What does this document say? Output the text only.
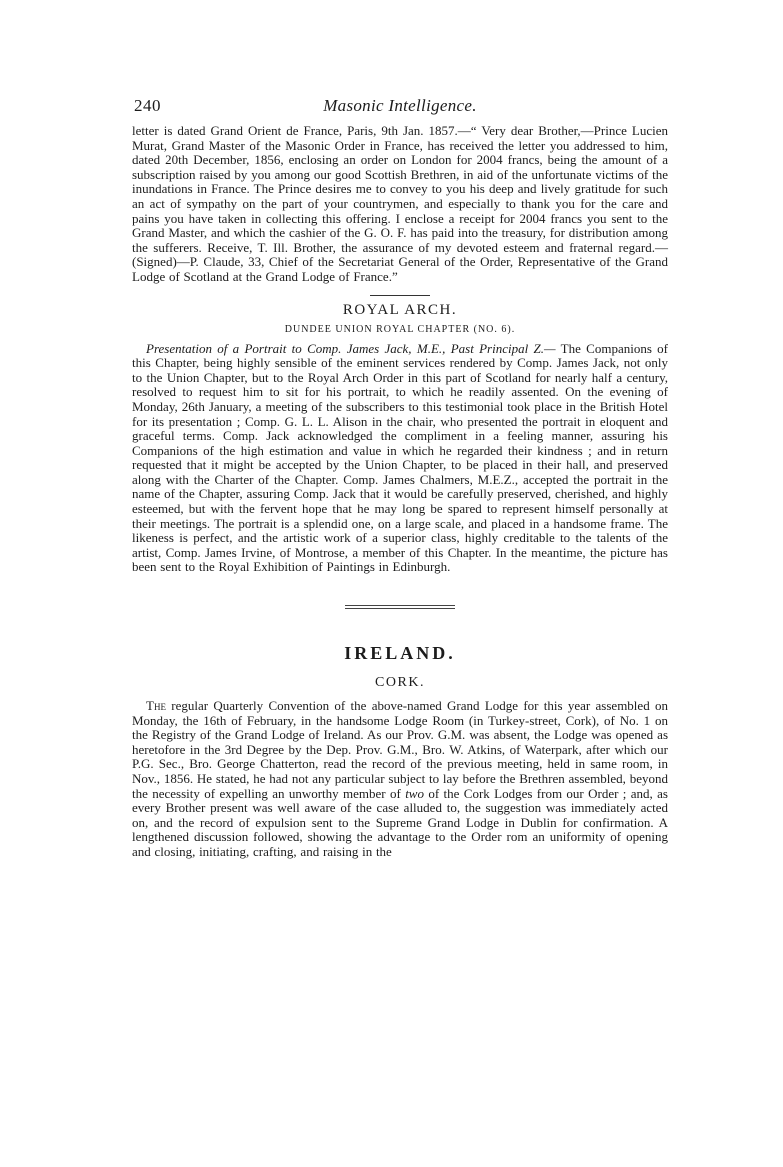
240	Masonic Intelligence.

letter is dated Grand Orient de France, Paris, 9th Jan. 1857.—“ Very dear Brother,—Prince Lucien Murat, Grand Master of the Masonic Order in France, has received the letter you addressed to him, dated 20th December, 1856, enclosing an order on London for 2004 francs, being the amount of a subscription raised by you among our good Scottish Brethren, in aid of the unfortunate victims of the inundations in France. The Prince desires me to convey to you his deep and lively gratitude for such an act of sympathy on the part of your countrymen, and especially to thank you for the care and pains you have taken in collecting this offering. I enclose a receipt for 2004 francs you sent to the Grand Master, and which the cashier of the G. O. F. has paid into the treasury, for distribution among the sufferers. Receive, T. Ill. Brother, the assurance of my devoted esteem and fraternal regard.—(Signed)—P. Claude, 33, Chief of the Secretariat General of the Order, Representative of the Grand Lodge of Scotland at the Grand Lodge of France.”

ROYAL ARCH.
DUNDEE UNION ROYAL CHAPTER (NO. 6).

Presentation of a Portrait to Comp. James Jack, M.E., Past Principal Z.— The Companions of this Chapter, being highly sensible of the eminent services rendered by Comp. James Jack, not only to the Union Chapter, but to the Royal Arch Order in this part of Scotland for nearly half a century, resolved to request him to sit for his portrait, to which he readily assented. On the evening of Monday, 26th January, a meeting of the subscribers to this testimonial took place in the British Hotel for its presentation ; Comp. G. L. L. Alison in the chair, who presented the portrait in eloquent and graceful terms. Comp. Jack acknowledged the compliment in a feeling manner, assuring his Companions of the high estimation and value in which he regarded their kindness ; and in return requested that it might be accepted by the Union Chapter, to be placed in their hall, and preserved along with the Charter of the Chapter. Comp. James Chalmers, M.E.Z., accepted the portrait in the name of the Chapter, assuring Comp. Jack that it would be carefully preserved, cherished, and highly esteemed, but with the fervent hope that he may long be spared to represent himself personally at their meetings. The portrait is a splendid one, on a large scale, and placed in a handsome frame. The likeness is perfect, and the artistic work of a superior class, highly creditable to the talents of the artist, Comp. James Irvine, of Montrose, a member of this Chapter. In the meantime, the picture has been sent to the Royal Exhibition of Paintings in Edinburgh.

IRELAND.
CORK.

The regular Quarterly Convention of the above-named Grand Lodge for this year assembled on Monday, the 16th of February, in the handsome Lodge Room (in Turkey-street, Cork), of No. 1 on the Registry of the Grand Lodge of Ireland. As our Prov. G.M. was absent, the Lodge was opened as heretofore in the 3rd Degree by the Dep. Prov. G.M., Bro. W. Atkins, of Waterpark, after which our P.G. Sec., Bro. George Chatterton, read the record of the previous meeting, held in same room, in Nov., 1856. He stated, he had not any particular subject to lay before the Brethren assembled, beyond the necessity of expelling an unworthy member of two of the Cork Lodges from our Order ; and, as every Brother present was well aware of the case alluded to, the suggestion was immediately acted on, and the record of expulsion sent to the Supreme Grand Lodge in Dublin for confirmation. A lengthened discussion followed, showing the advantage to the Order rom an uniformity of opening and closing, initiating, crafting, and raising in the
